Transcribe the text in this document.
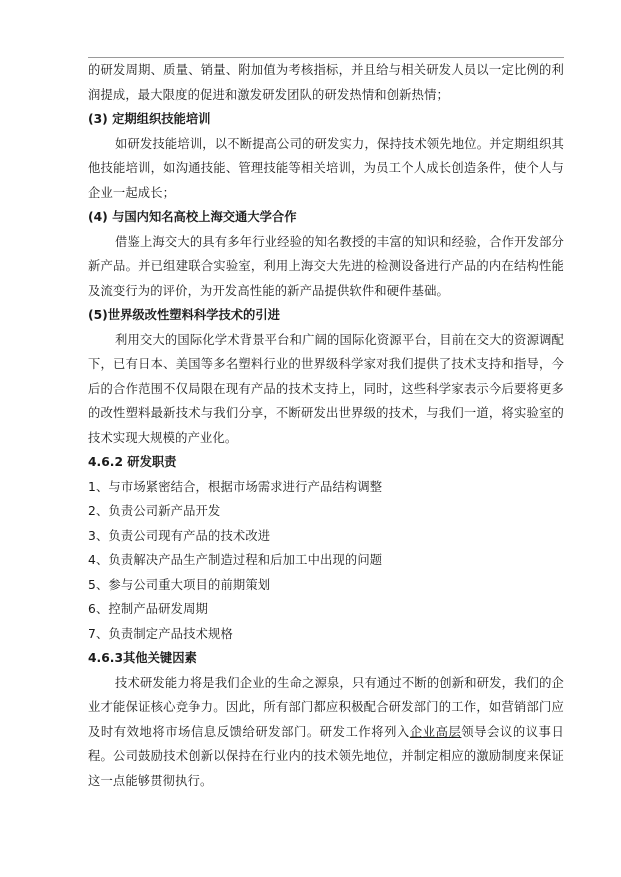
的研发周期、质量、销量、附加值为考核指标，并且给与相关研发人员以一定比例的利润提成，最大限度的促进和激发研发团队的研发热情和创新热情；

(3) 定期组织技能培训

如研发技能培训，以不断提高公司的研发实力，保持技术领先地位。并定期组织其他技能培训，如沟通技能、管理技能等相关培训，为员工个人成长创造条件，使个人与企业一起成长；

(4) 与国内知名高校上海交通大学合作

借鉴上海交大的具有多年行业经验的知名教授的丰富的知识和经验，合作开发部分新产品。并已组建联合实验室，利用上海交大先进的检测设备进行产品的内在结构性能及流变行为的评价，为开发高性能的新产品提供软件和硬件基础。

(5)世界级改性塑料科学技术的引进

利用交大的国际化学术背景平台和广阔的国际化资源平台，目前在交大的资源调配下，已有日本、美国等多名塑料行业的世界级科学家对我们提供了技术支持和指导，今后的合作范围不仅局限在现有产品的技术支持上，同时，这些科学家表示今后要将更多的改性塑料最新技术与我们分享，不断研发出世界级的技术，与我们一道，将实验室的技术实现大规模的产业化。

4.6.2 研发职责

1、与市场紧密结合，根据市场需求进行产品结构调整

2、负责公司新产品开发

3、负责公司现有产品的技术改进

4、负责解决产品生产制造过程和后加工中出现的问题

5、参与公司重大项目的前期策划

6、控制产品研发周期

7、负责制定产品技术规格

4.6.3其他关键因素

技术研发能力将是我们企业的生命之源泉，只有通过不断的创新和研发，我们的企业才能保证核心竞争力。因此，所有部门都应积极配合研发部门的工作，如营销部门应及时有效地将市场信息反馈给研发部门。研发工作将列入企业高层领导会议的议事日程。公司鼓励技术创新以保持在行业内的技术领先地位，并制定相应的激励制度来保证这一点能够贯彻执行。
